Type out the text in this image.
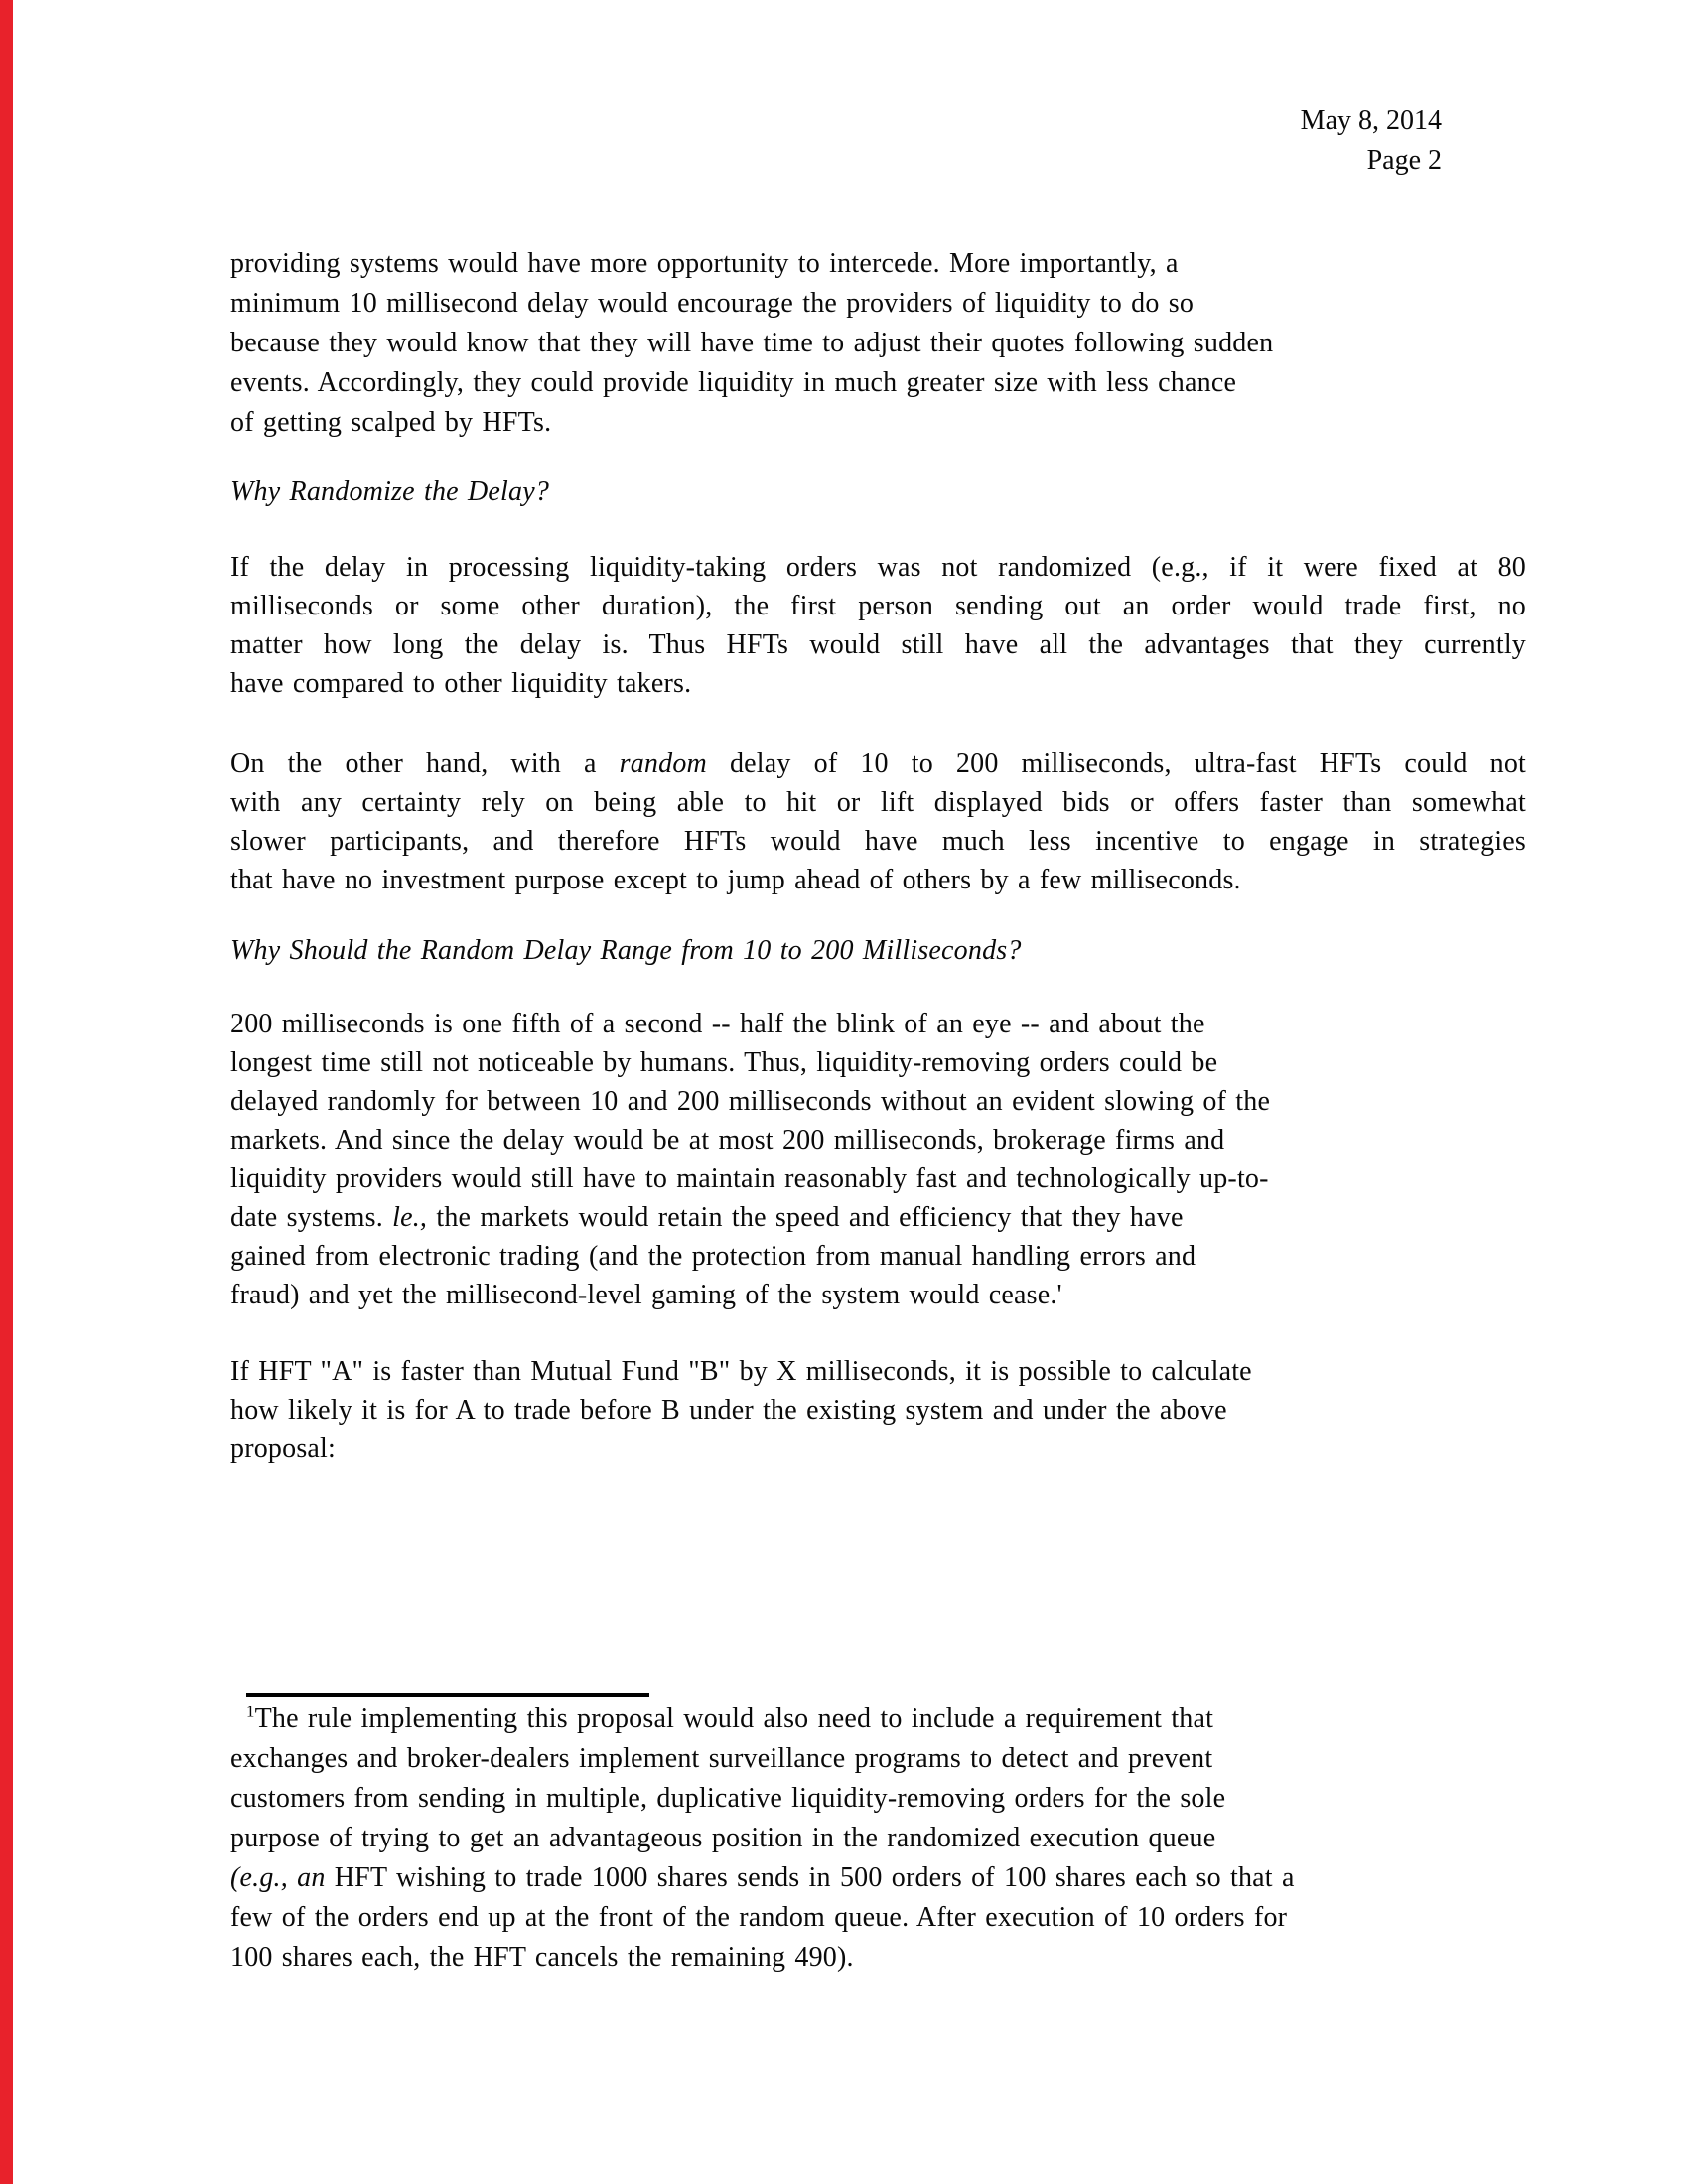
May 8, 2014
Page 2
providing systems would have more opportunity to intercede. More importantly, a
minimum 10 millisecond delay would encourage the providers of liquidity to do so
because they would know that they will have time to adjust their quotes following sudden
events. Accordingly, they could provide liquidity in much greater size with less chance
of getting scalped by HFTs.
Why Randomize the Delay?
If the delay in processing liquidity-taking orders was not randomized (e.g., if it were fixed at 80
milliseconds or some other duration), the first person sending out an order would trade first, no
matter how long the delay is. Thus HFTs would still have all the advantages that they currently
have compared to other liquidity takers.
On the other hand, with a random delay of 10 to 200 milliseconds, ultra-fast HFTs could not
with any certainty rely on being able to hit or lift displayed bids or offers faster than somewhat
slower participants, and therefore HFTs would have much less incentive to engage in strategies
that have no investment purpose except to jump ahead of others by a few milliseconds.
Why Should the Random Delay Range from 10 to 200 Milliseconds?
200 milliseconds is one fifth of a second -- half the blink of an eye -- and about the
longest time still not noticeable by humans. Thus, liquidity-removing orders could be
delayed randomly for between 10 and 200 milliseconds without an evident slowing of the
markets. And since the delay would be at most 200 milliseconds, brokerage firms and
liquidity providers would still have to maintain reasonably fast and technologically up-to-
date systems. le., the markets would retain the speed and efficiency that they have
gained from electronic trading (and the protection from manual handling errors and
fraud) and yet the millisecond-level gaming of the system would cease.'
If HFT "A" is faster than Mutual Fund "B" by X milliseconds, it is possible to calculate
how likely it is for A to trade before B under the existing system and under the above
proposal:
$^1$The rule implementing this proposal would also need to include a requirement that
exchanges and broker-dealers implement surveillance programs to detect and prevent
customers from sending in multiple, duplicative liquidity-removing orders for the sole
purpose of trying to get an advantageous position in the randomized execution queue
(e.g., an HFT wishing to trade 1000 shares sends in 500 orders of 100 shares each so that a
few of the orders end up at the front of the random queue. After execution of 10 orders for
100 shares each, the HFT cancels the remaining 490).
